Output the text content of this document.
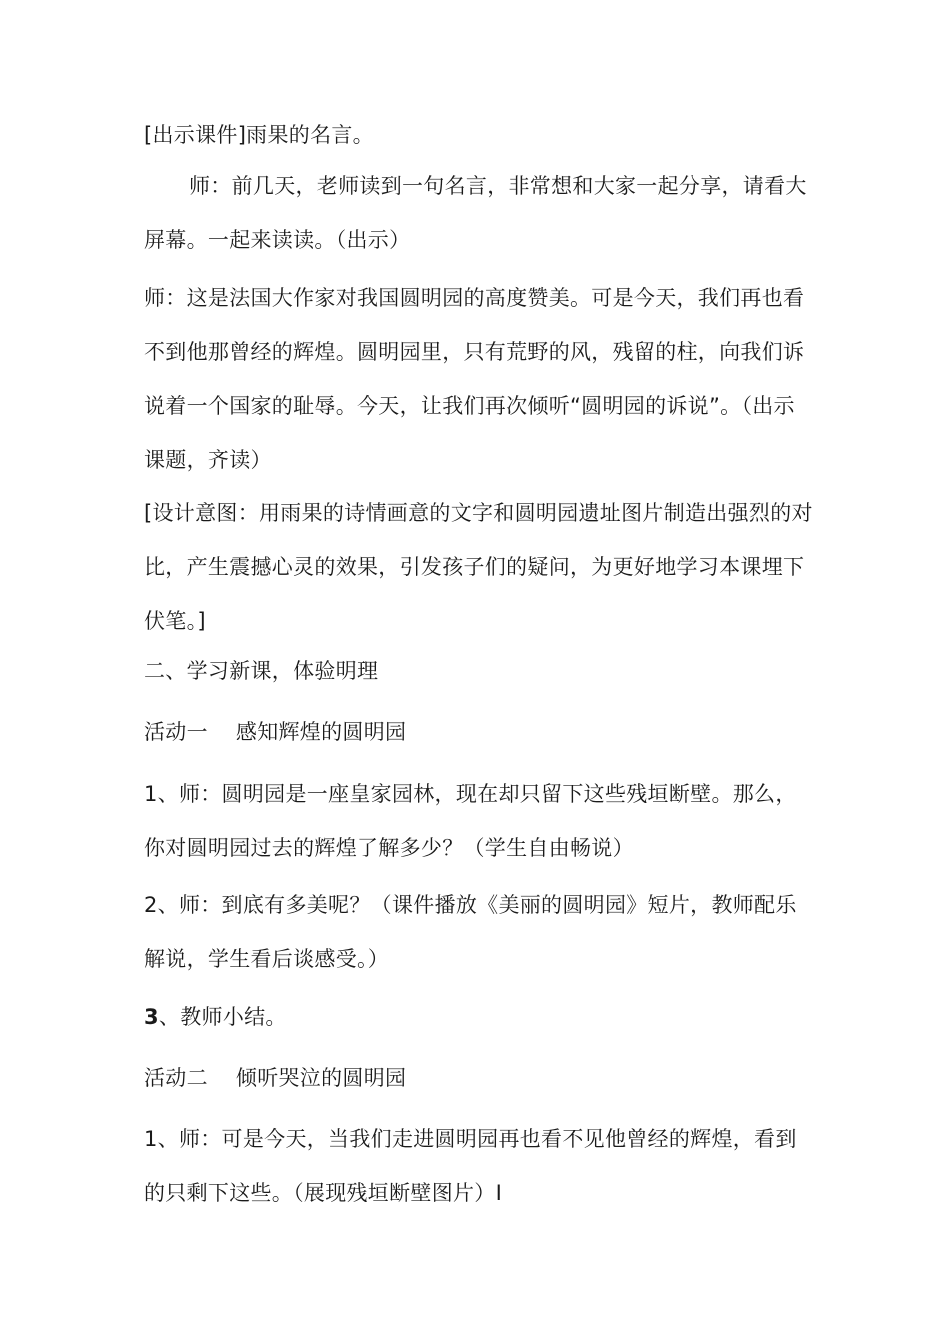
[出示课件]雨果的名言。

师：前几天，老师读到一句名言，非常想和大家一起分享，请看大屏幕。一起来读读。（出示）

师：这是法国大作家对我国圆明园的高度赞美。可是今天，我们再也看不到他那曾经的辉煌。圆明园里，只有荒野的风，残留的柱，向我们诉说着一个国家的耻辱。今天，让我们再次倾听“圆明园的诉说”。（出示课题，齐读）

[设计意图：用雨果的诗情画意的文字和圆明园遗址图片制造出强烈的对比，产生震撼心灵的效果，引发孩子们的疑问，为更好地学习本课埋下伏笔。]

二、学习新课，体验明理

活动一 感知辉煌的圆明园

1、师：圆明园是一座皇家园林，现在却只留下这些残垣断壁。那么，你对圆明园过去的辉煌了解多少？（学生自由畅说）

2、师：到底有多美呢？（课件播放《美丽的圆明园》短片，教师配乐解说，学生看后谈感受。）

3、教师小结。

活动二 倾听哭泣的圆明园

1、师：可是今天，当我们走进圆明园再也看不见他曾经的辉煌，看到的只剩下这些。（展现残垣断壁图片）I
